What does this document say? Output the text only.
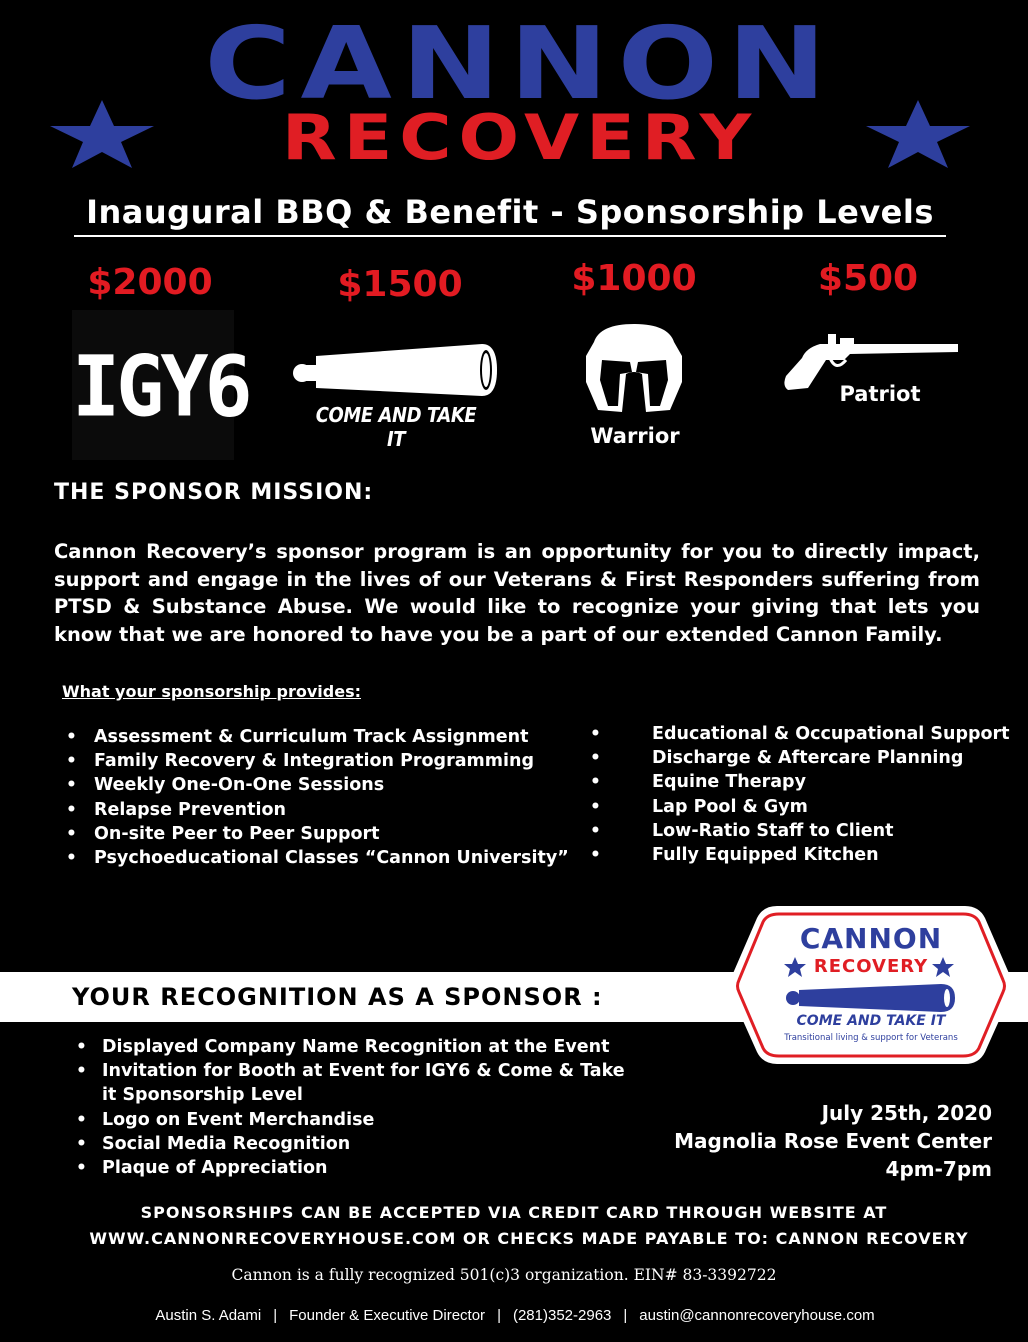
CANNON
RECOVERY
Inaugural BBQ & Benefit - Sponsorship Levels
$2000	$1500	$1000	$500
IGY6	COME AND TAKE IT	Warrior
Patriot
THE SPONSOR MISSION:

Cannon Recovery’s sponsor program is an opportunity for you to directly impact, support and engage in the lives of our Veterans & First Responders suffering from PTSD & Substance Abuse. We would like to recognize your giving that lets you know that we are honored to have you be a part of our extended Cannon Family.

What your sponsorship provides:
• Assessment & Curriculum Track Assignment
• Family Recovery & Integration Programming
• Weekly One-On-One Sessions
• Relapse Prevention
• On-site Peer to Peer Support
• Psychoeducational Classes “Cannon University”
• Educational & Occupational Support
• Discharge & Aftercare Planning
• Equine Therapy
• Lap Pool & Gym
• Low-Ratio Staff to Client
• Fully Equipped Kitchen
YOUR RECOGNITION AS A SPONSOR :
• Displayed Company Name Recognition at the Event
• Invitation for Booth at Event for IGY6 & Come & Take it Sponsorship Level
• Logo on Event Merchandise
• Social Media Recognition
• Plaque of Appreciation
CANNON
RECOVERY
COME AND TAKE IT
Transitional living & support for Veterans
July 25th, 2020
Magnolia Rose Event Center
4pm-7pm
SPONSORSHIPS CAN BE ACCEPTED VIA CREDIT CARD THROUGH WEBSITE AT
WWW.CANNONRECOVERYHOUSE.COM OR CHECKS MADE PAYABLE TO: CANNON RECOVERY
Cannon is a fully recognized 501(c)3 organization. EIN# 83-3392722
Austin S. Adami | Founder & Executive Director | (281)352-2963 | austin@cannonrecoveryhouse.com
